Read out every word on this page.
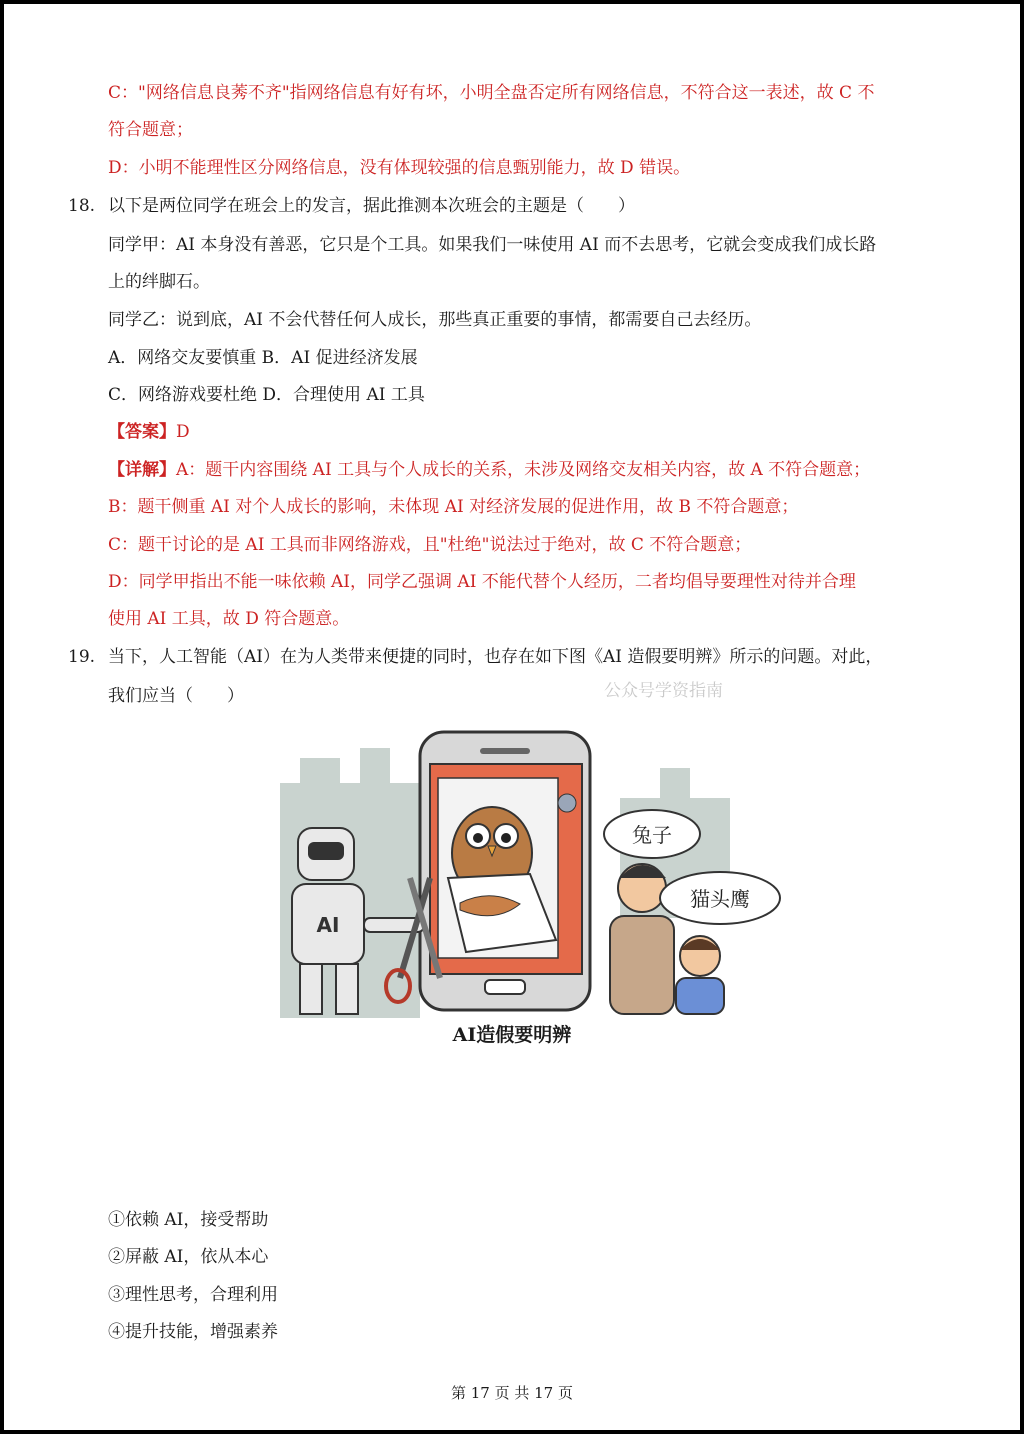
C："网络信息良莠不齐"指网络信息有好有坏，小明全盘否定所有网络信息，不符合这一表述，故 C 不
符合题意；
D：小明不能理性区分网络信息，没有体现较强的信息甄别能力，故 D 错误。
18. 以下是两位同学在班会上的发言，据此推测本次班会的主题是（　　）
同学甲：AI 本身没有善恶，它只是个工具。如果我们一味使用 AI 而不去思考，它就会变成我们成长路
上的绊脚石。
同学乙：说到底，AI 不会代替任何人成长，那些真正重要的事情，都需要自己去经历。
A．网络交友要慎重 B．AI 促进经济发展
C．网络游戏要杜绝 D．合理使用 AI 工具
【答案】D
【详解】A：题干内容围绕 AI 工具与个人成长的关系，未涉及网络交友相关内容，故 A 不符合题意；
B：题干侧重 AI 对个人成长的影响，未体现 AI 对经济发展的促进作用，故 B 不符合题意；
C：题干讨论的是 AI 工具而非网络游戏，且"杜绝"说法过于绝对，故 C 不符合题意；
D：同学甲指出不能一味依赖 AI，同学乙强调 AI 不能代替个人经历，二者均倡导要理性对待并合理
使用 AI 工具，故 D 符合题意。
19. 当下，人工智能（AI）在为人类带来便捷的同时，也存在如下图《AI 造假要明辨》所示的问题。对此，
我们应当（　　）	公众号学资指南
AI
兔子
猫头鹰
AI造假要明辨
①依赖 AI，接受帮助
②屏蔽 AI，依从本心
③理性思考，合理利用
④提升技能，增强素养
第 17 页 共 17 页
